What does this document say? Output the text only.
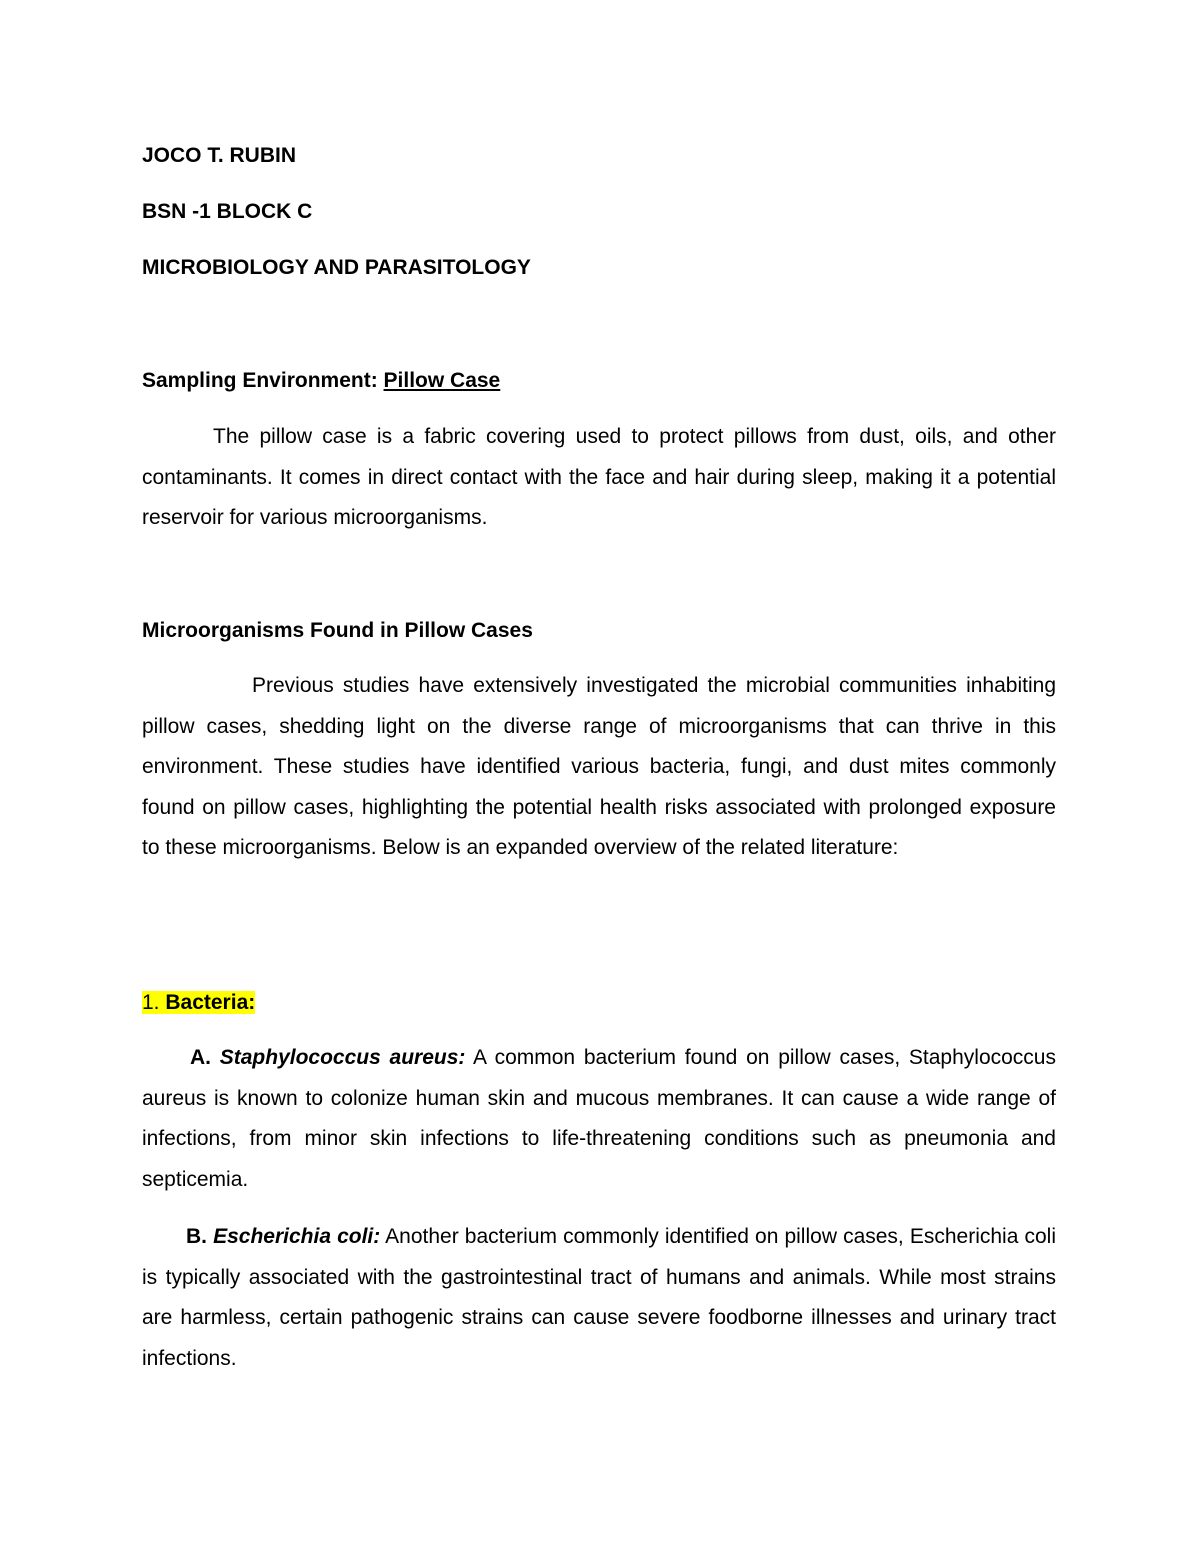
JOCO T. RUBIN
BSN -1 BLOCK C
MICROBIOLOGY AND PARASITOLOGY
Sampling Environment: Pillow Case

The pillow case is a fabric covering used to protect pillows from dust, oils, and other contaminants. It comes in direct contact with the face and hair during sleep, making it a potential reservoir for various microorganisms.

Microorganisms Found in Pillow Cases

Previous studies have extensively investigated the microbial communities inhabiting pillow cases, shedding light on the diverse range of microorganisms that can thrive in this environment. These studies have identified various bacteria, fungi, and dust mites commonly found on pillow cases, highlighting the potential health risks associated with prolonged exposure to these microorganisms. Below is an expanded overview of the related literature:

1. Bacteria:

A. Staphylococcus aureus: A common bacterium found on pillow cases, Staphylococcus aureus is known to colonize human skin and mucous membranes. It can cause a wide range of infections, from minor skin infections to life-threatening conditions such as pneumonia and septicemia.

B. Escherichia coli: Another bacterium commonly identified on pillow cases, Escherichia coli is typically associated with the gastrointestinal tract of humans and animals. While most strains are harmless, certain pathogenic strains can cause severe foodborne illnesses and urinary tract infections.
